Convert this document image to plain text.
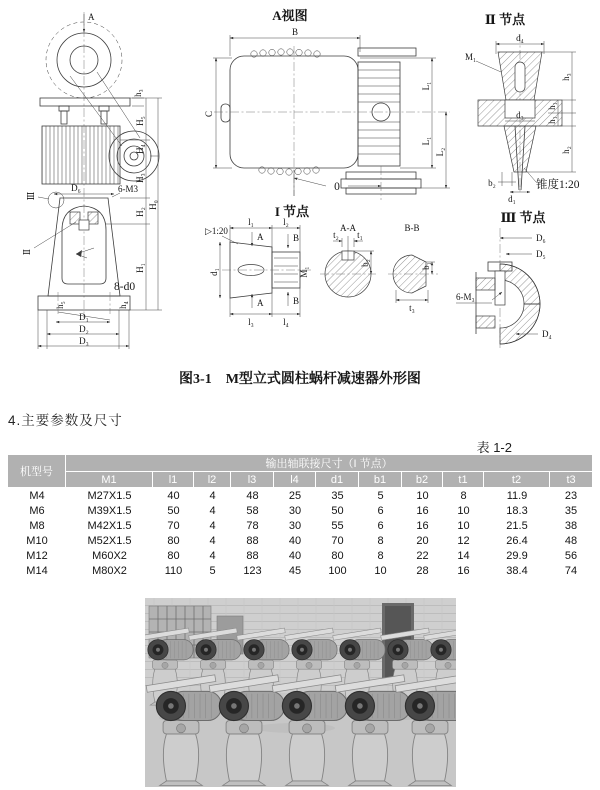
A
h₃
D₆	6-M3
Ⅲ
Ⅱ
8-d0
h₅	h₄
D₁
D₂
D₃
H₅
H₄
H₃
H₂
H₁
H₀
A视图
B
C
L₁
L₁
L₂
0
Ⅱ 节点
d₄
M₁
d₃
h₃
h₁
h₁
h₂
b₂
d₁
锥度1:20
I 节点
▷1:20
M₁
d₁
l₁	l₂
l₃	l₄
A
A
B
B
A-A
t₂ t₁
b₂
B-B
b₁
t₃
Ⅲ 节点
D₆
D₅
6-M₃
D₄
图3-1　M型立式圆柱蜗杆减速器外形图
4.主要参数及尺寸
表 1-2
机型号	输出轴联接尺寸（I 节点）										
	M1	l1	l2	l3	l4	d1	b1	b2	t1	t2	t3
M4	M27X1.5	40	4	48	25	35	5	10	8	11.9	23
M6	M39X1.5	50	4	58	30	50	6	16	10	18.3	35
M8	M42X1.5	70	4	78	30	55	6	16	10	21.5	38
M10	M52X1.5	80	4	88	40	70	8	20	12	26.4	48
M12	M60X2	80	4	88	40	80	8	22	14	29.9	56
M14	M80X2	110	5	123	45	100	10	28	16	38.4	74
